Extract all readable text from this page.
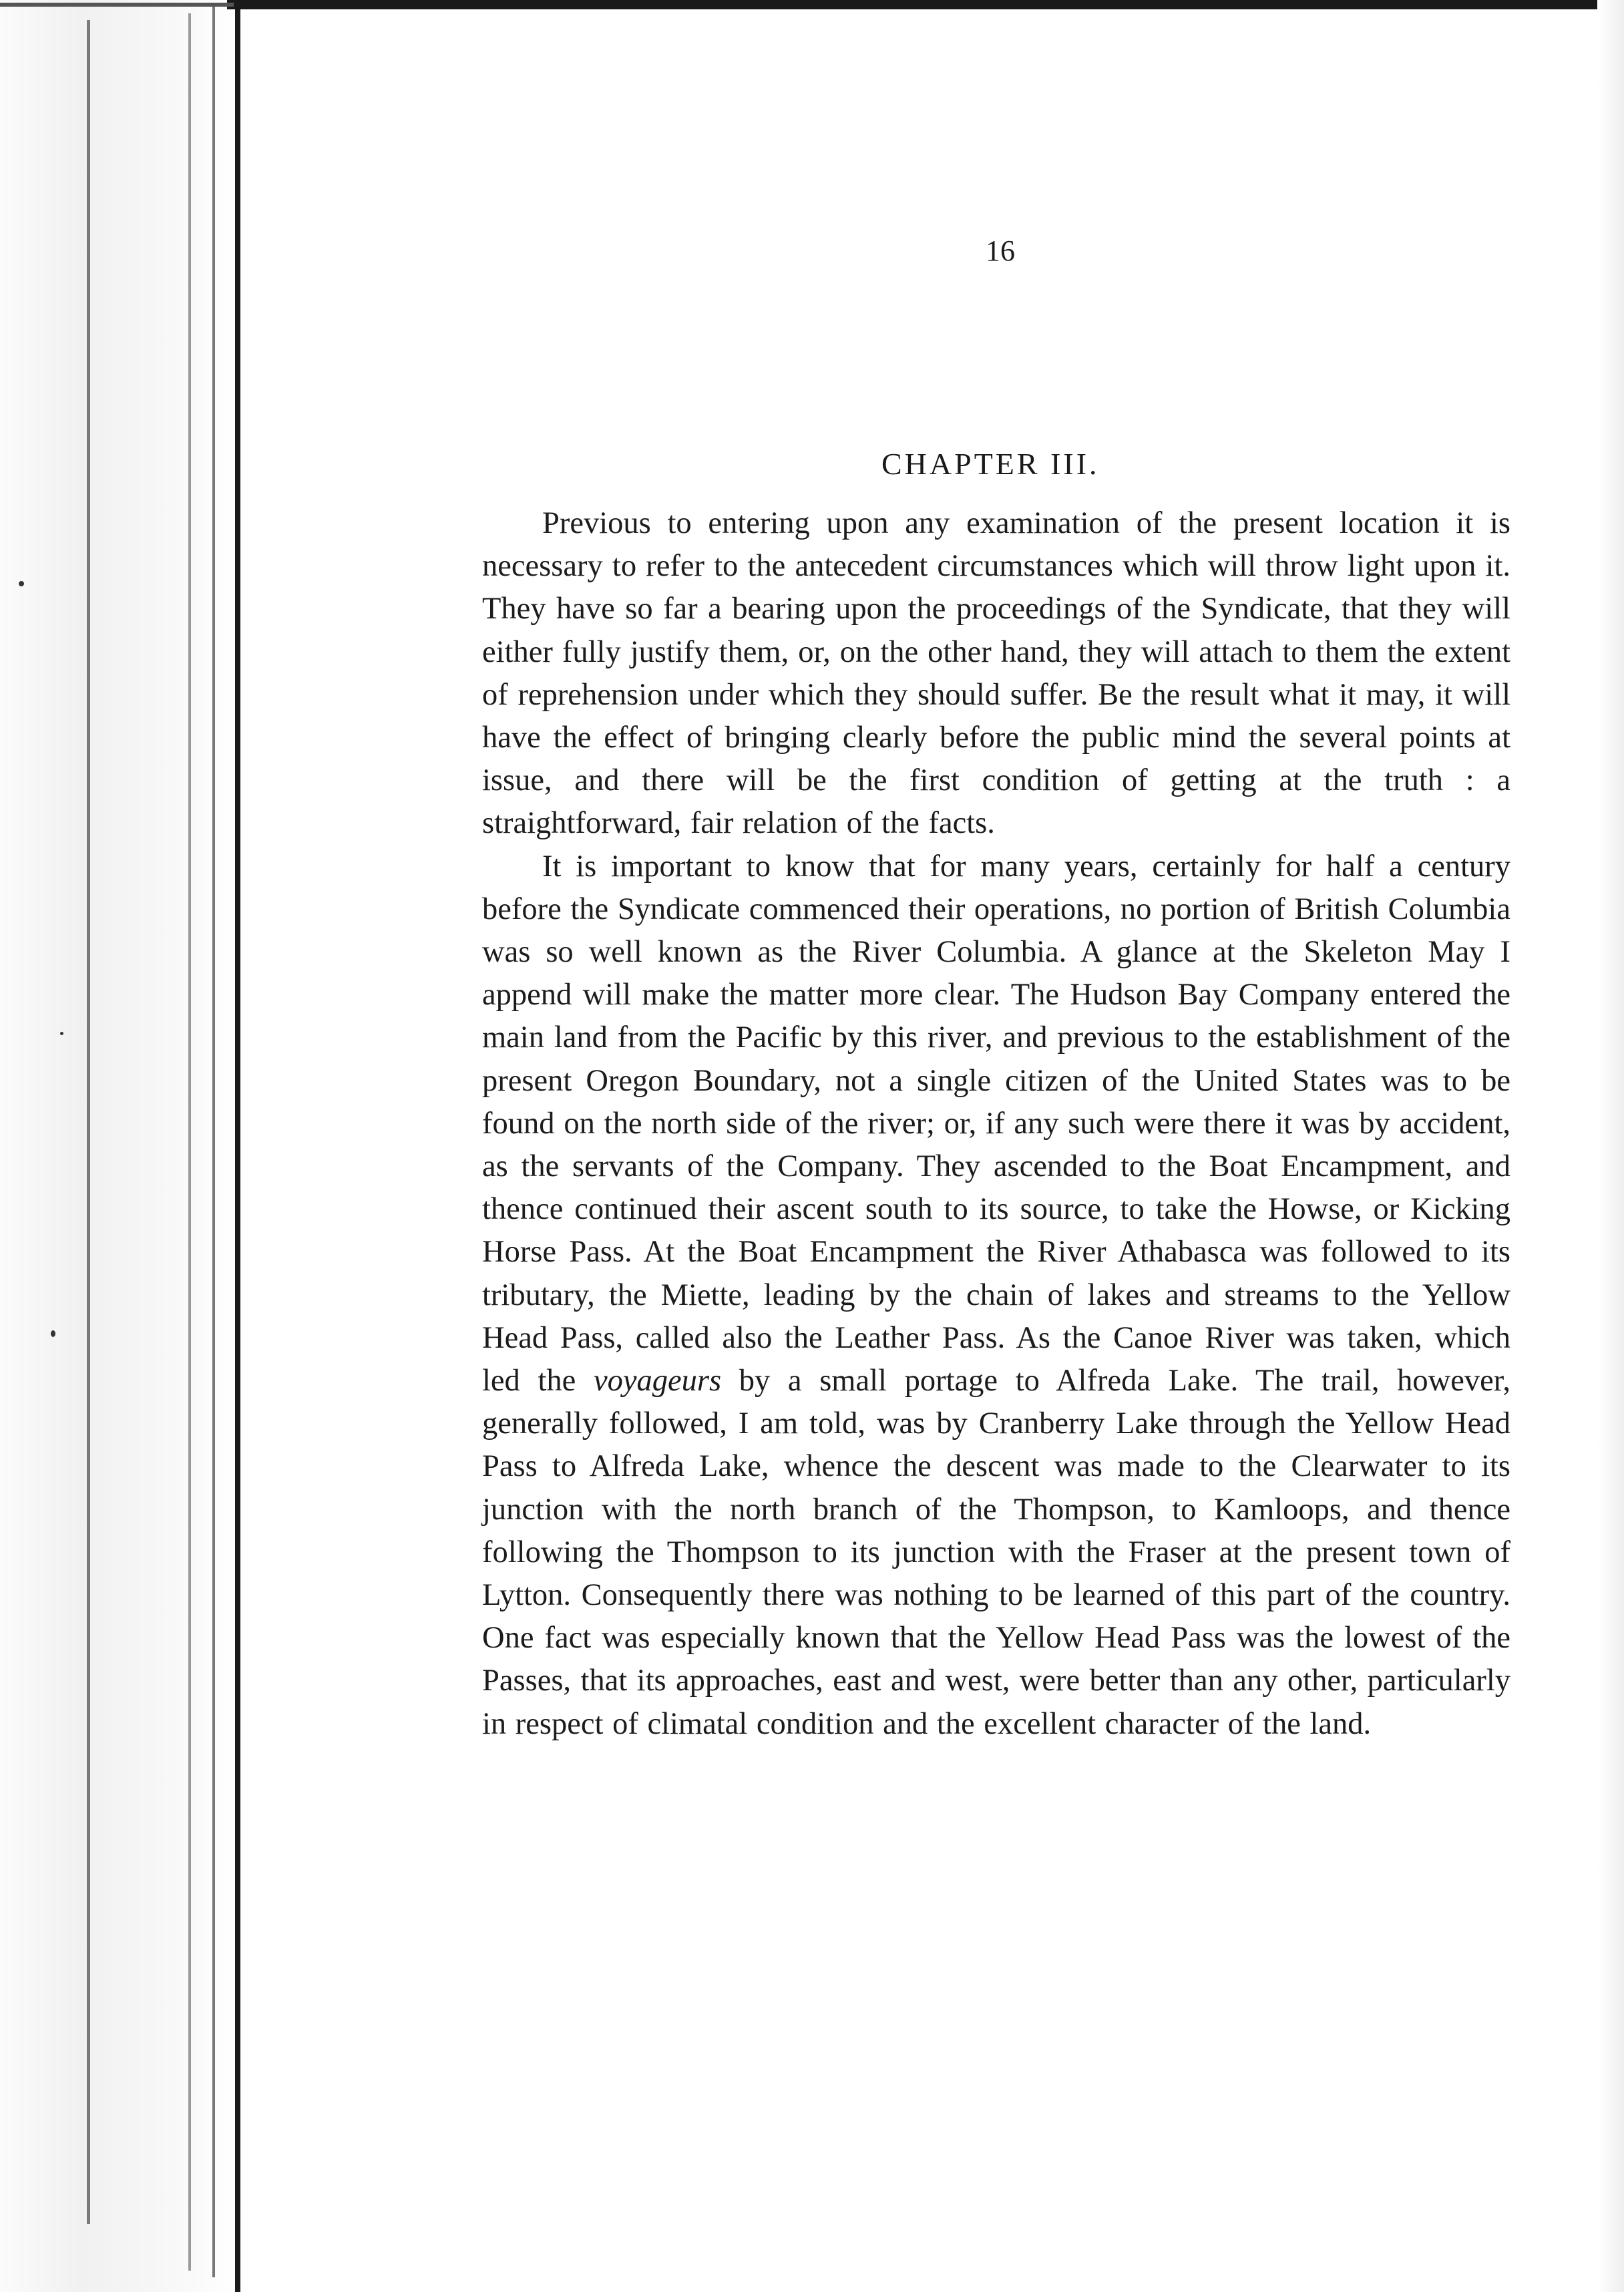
16
CHAPTER III.

Previous to entering upon any examination of the present location it is necessary to refer to the antecedent circumstances which will throw light upon it. They have so far a bearing upon the proceedings of the Syndicate, that they will either fully justify them, or, on the other hand, they will attach to them the extent of reprehension under which they should suffer. Be the result what it may, it will have the effect of bringing clearly before the public mind the several points at issue, and there will be the first condition of getting at the truth : a straightforward, fair relation of the facts.

It is important to know that for many years, certainly for half a century before the Syndicate commenced their operations, no portion of British Columbia was so well known as the River Columbia. A glance at the Skeleton May I append will make the matter more clear. The Hudson Bay Company entered the main land from the Pacific by this river, and previous to the establishment of the present Oregon Boundary, not a single citizen of the United States was to be found on the north side of the river; or, if any such were there it was by accident, as the servants of the Company. They ascended to the Boat Encampment, and thence continued their ascent south to its source, to take the Howse, or Kicking Horse Pass. At the Boat Encampment the River Athabasca was followed to its tributary, the Miette, leading by the chain of lakes and streams to the Yellow Head Pass, called also the Leather Pass. As the Canoe River was taken, which led the voyageurs by a small portage to Alfreda Lake. The trail, however, generally followed, I am told, was by Cranberry Lake through the Yellow Head Pass to Alfreda Lake, whence the descent was made to the Clearwater to its junction with the north branch of the Thompson, to Kamloops, and thence following the Thompson to its junction with the Fraser at the present town of Lytton. Consequently there was nothing to be learned of this part of the country. One fact was especially known that the Yellow Head Pass was the lowest of the Passes, that its approaches, east and west, were better than any other, particularly in respect of climatal condition and the excellent character of the land.
